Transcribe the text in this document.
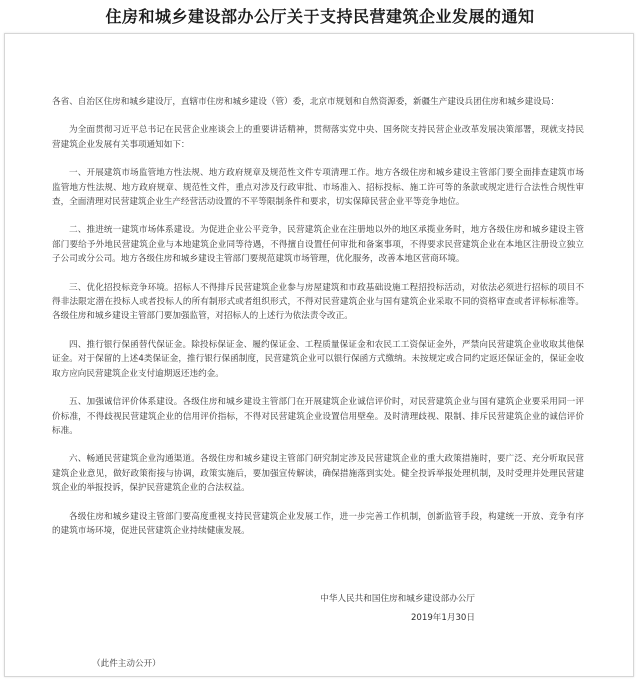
住房和城乡建设部办公厅关于支持民营建筑企业发展的通知

各省、自治区住房和城乡建设厅，直辖市住房和城乡建设（管）委，北京市规划和自然资源委，新疆生产建设兵团住房和城乡建设局：

为全面贯彻习近平总书记在民营企业座谈会上的重要讲话精神，贯彻落实党中央、国务院支持民营企业改革发展决策部署，现就支持民营建筑企业发展有关事项通知如下：

一、开展建筑市场监管地方性法规、地方政府规章及规范性文件专项清理工作。地方各级住房和城乡建设主管部门要全面排查建筑市场监管地方性法规、地方政府规章、规范性文件，重点对涉及行政审批、市场准入、招标投标、施工许可等的条款或规定进行合法性合规性审查，全面清理对民营建筑企业生产经营活动设置的不平等限制条件和要求，切实保障民营企业平等竞争地位。

二、推进统一建筑市场体系建设。为促进企业公平竞争，民营建筑企业在注册地以外的地区承揽业务时，地方各级住房和城乡建设主管部门要给予外地民营建筑企业与本地建筑企业同等待遇，不得擅自设置任何审批和备案事项，不得要求民营建筑企业在本地区注册设立独立子公司或分公司。地方各级住房和城乡建设主管部门要规范建筑市场管理，优化服务，改善本地区营商环境。

三、优化招投标竞争环境。招标人不得排斥民营建筑企业参与房屋建筑和市政基础设施工程招投标活动，对依法必须进行招标的项目不得非法限定潜在投标人或者投标人的所有制形式或者组织形式，不得对民营建筑企业与国有建筑企业采取不同的资格审查或者评标标准等。各级住房和城乡建设主管部门要加强监管，对招标人的上述行为依法责令改正。

四、推行银行保函替代保证金。除投标保证金、履约保证金、工程质量保证金和农民工工资保证金外，严禁向民营建筑企业收取其他保证金。对于保留的上述4类保证金，推行银行保函制度，民营建筑企业可以银行保函方式缴纳。未按规定或合同约定返还保证金的，保证金收取方应向民营建筑企业支付逾期返还违约金。

五、加强诚信评价体系建设。各级住房和城乡建设主管部门在开展建筑企业诚信评价时，对民营建筑企业与国有建筑企业要采用同一评价标准，不得歧视民营建筑企业的信用评价指标，不得对民营建筑企业设置信用壁垒。及时清理歧视、限制、排斥民营建筑企业的诚信评价标准。

六、畅通民营建筑企业沟通渠道。各级住房和城乡建设主管部门研究制定涉及民营建筑企业的重大政策措施时，要广泛、充分听取民营建筑企业意见，做好政策衔接与协调，政策实施后，要加强宣传解读，确保措施落到实处。健全投诉举报处理机制，及时受理并处理民营建筑企业的举报投诉，保护民营建筑企业的合法权益。

各级住房和城乡建设主管部门要高度重视支持民营建筑企业发展工作，进一步完善工作机制，创新监管手段，构建统一开放、竞争有序的建筑市场环境，促进民营建筑企业持续健康发展。

中华人民共和国住房和城乡建设部办公厅
2019年1月30日
（此件主动公开）
